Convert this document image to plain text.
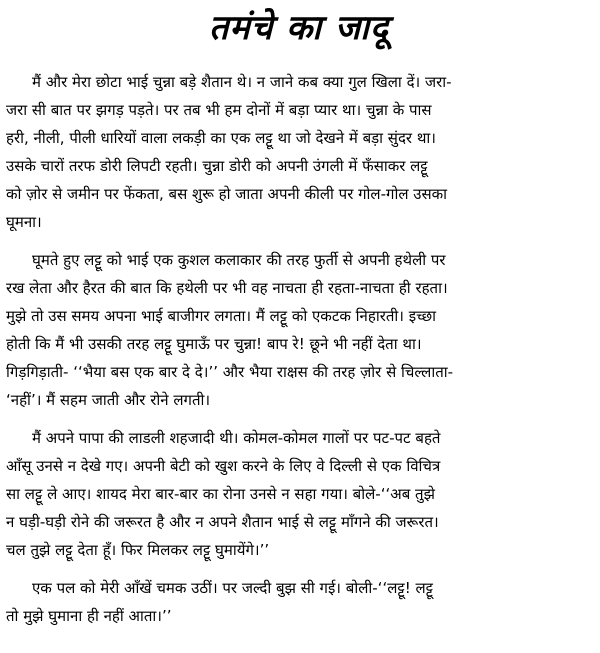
तमंचे का जादू
मैं और मेरा छोटा भाई चुन्ना बड़े शैतान थे। न जाने कब क्या गुल खिला दें। जरा-
जरा सी बात पर झगड़ पड़ते। पर तब भी हम दोनों में बड़ा प्यार था। चुन्ना के पास
हरी, नीली, पीली धारियों वाला लकड़ी का एक लट्टू था जो देखने में बड़ा सुंदर था।
उसके चारों तरफ डोरी लिपटी रहती। चुन्ना डोरी को अपनी उंगली में फँसाकर लट्टू
को ज़ोर से जमीन पर फेंकता, बस शुरू हो जाता अपनी कीली पर गोल-गोल उसका
घूमना।
घूमते हुए लट्टू को भाई एक कुशल कलाकार की तरह फुर्ती से अपनी हथेली पर
रख लेता और हैरत की बात कि हथेली पर भी वह नाचता ही रहता-नाचता ही रहता।
मुझे तो उस समय अपना भाई बाजीगर लगता। मैं लट्टू को एकटक निहारती। इच्छा
होती कि मैं भी उसकी तरह लट्टू घुमाऊँ पर चुन्ना! बाप रे! छूने भी नहीं देता था।
गिड़गिड़ाती- ‘‘भैया बस एक बार दे दे।’’ और भैया राक्षस की तरह ज़ोर से चिल्लाता-
‘नहीं’। मैं सहम जाती और रोने लगती।
मैं अपने पापा की लाडली शहजादी थी। कोमल-कोमल गालों पर पट-पट बहते
आँसू उनसे न देखे गए। अपनी बेटी को खुश करने के लिए वे दिल्ली से एक विचित्र
सा लट्टू ले आए। शायद मेरा बार-बार का रोना उनसे न सहा गया। बोले-‘‘अब तुझे
न घड़ी-घड़ी रोने की जरूरत है और न अपने शैतान भाई से लट्टू माँगने की जरूरत।
चल तुझे लट्टू देता हूँ। फिर मिलकर लट्टू घुमायेंगे।’’
एक पल को मेरी आँखें चमक उठीं। पर जल्दी बुझ सी गई। बोली-‘‘लट्टू! लट्टू
तो मुझे घुमाना ही नहीं आता।’’
